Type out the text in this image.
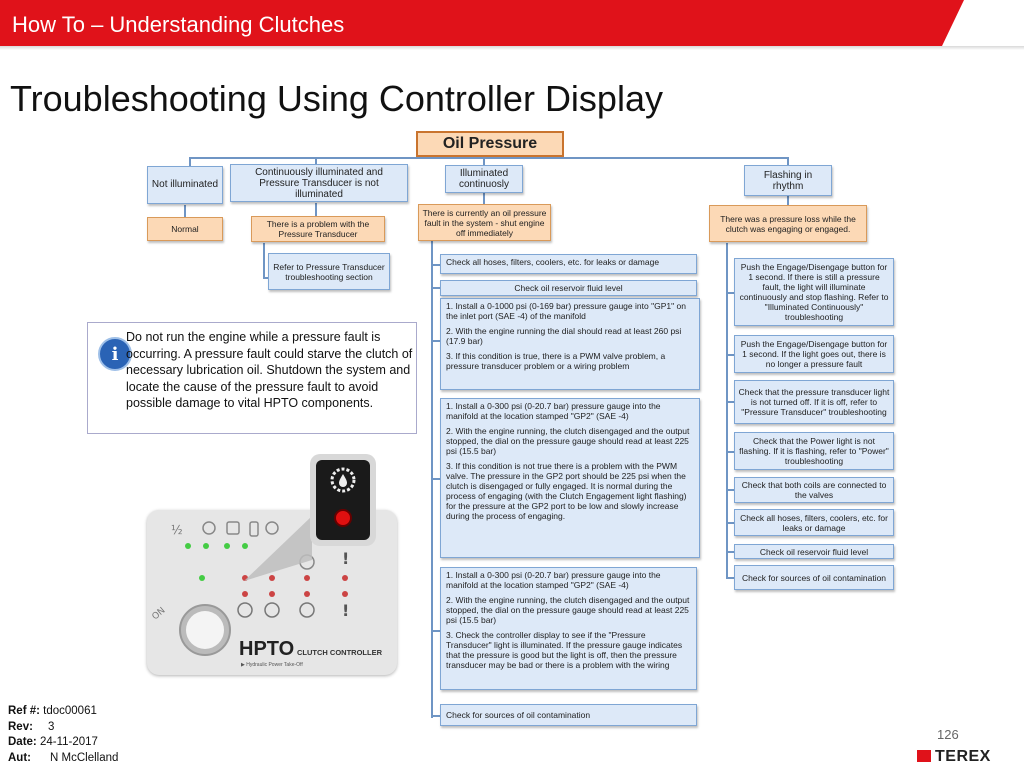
How To – Understanding Clutches
Troubleshooting Using Controller Display
Oil Pressure
Not illuminated
Continuously illuminated and Pressure Transducer is not illuminated
Illuminated continuosly
Flashing in rhythm
Normal	There is a problem with the Pressure Transducer
There is currently an oil pressure fault in the system - shut engine off immediately
There was a pressure loss while the clutch was engaging or engaged.
Refer to Pressure Transducer troubleshooting section
Check all hoses, filters, coolers, etc. for leaks or damage
Check oil reservoir fluid level

1. Install a 0-1000 psi (0-169 bar) pressure gauge into "GP1" on the inlet port (SAE -4) of the manifold

2. With the engine running the dial should read at least 260 psi (17.9 bar)

3. If this condition is true, there is a PWM valve problem, a pressure transducer problem or a wiring problem

1. Install a 0-300 psi (0-20.7 bar) pressure gauge into the manifold at the location stamped "GP2" (SAE -4)

2. With the engine running, the clutch disengaged and the output stopped, the dial on the pressure gauge should read at least 225 psi (15.5 bar)

3. If this condition is not true there is a problem with the PWM valve. The pressure in the GP2 port should be 225 psi when the clutch is disengaged or fully engaged. It is normal during the process of engaging (with the Clutch Engagement light flashing) for the pressure at the GP2 port to be low and slowly increase during the process of engaging.

1. Install a 0-300 psi (0-20.7 bar) pressure gauge into the manifold at the location stamped "GP2" (SAE -4)

2. With the engine running, the clutch disengaged and the output stopped, the dial on the pressure gauge should read at least 225 psi (15.5 bar)

3. Check the controller display to see if the "Pressure Transducer" light is illuminated. If the pressure gauge indicates that the pressure is good but the light is off, then the pressure transducer may be bad or there is a problem with the wiring

Check for sources of oil contamination
Push the Engage/Disengage button for 1 second. If there is still a pressure fault, the light will illuminate continuously and stop flashing. Refer to "Illuminated Continuously" troubleshooting
Push the Engage/Disengage button for 1 second. If the light goes out, there is no longer a pressure fault
Check that the pressure transducer light is not turned off. If it is off, refer to "Pressure Transducer" troubleshooting
Check that the Power light is not flashing. If it is flashing, refer to "Power" troubleshooting
Check that both coils are connected to the valves
Check all hoses, filters, coolers, etc. for leaks or damage
Check oil reservoir fluid level
Check for sources of oil contamination
i
Do not run the engine while a pressure fault is occurring. A pressure fault could starve the clutch of necessary lubrication oil. Shutdown the system and locate the cause of the pressure fault to avoid possible damage to vital HPTO components.
½
!
!
ON
HPTO CLUTCH CONTROLLER
▶ Hydraulic Power Take-Off
Ref #: tdoc00061
Rev: 3
Date: 24-11-2017
Aut: N McClelland
126
TEREX
